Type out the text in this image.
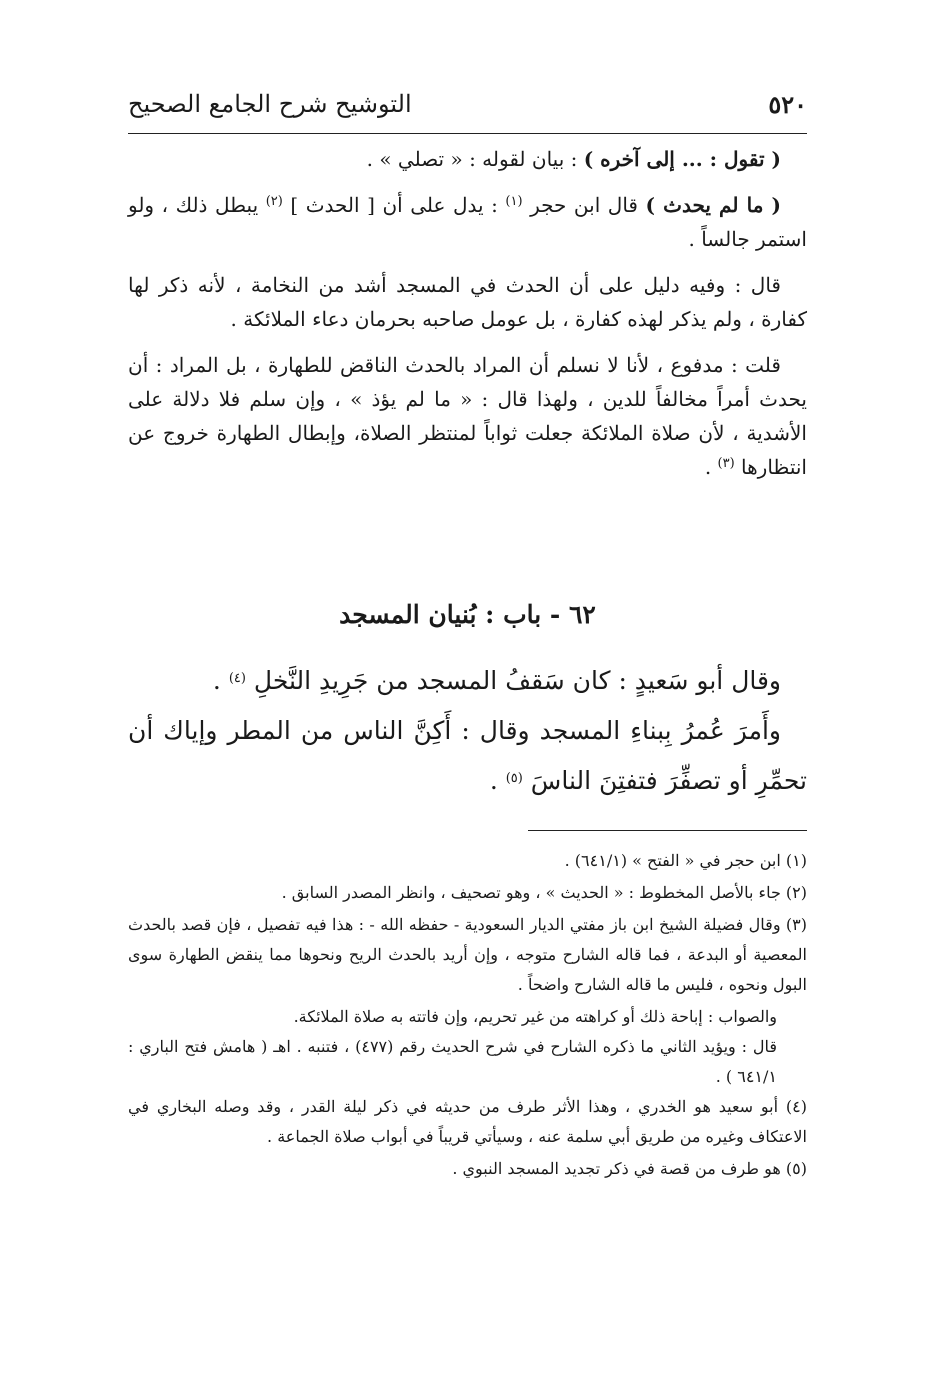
٥٢٠
التوشيح شرح الجامع الصحيح

( تقول : ... إلى آخره ) : بيان لقوله : « تصلي » .

( ما لم يحدث ) قال ابن حجر $^{(١)}$ : يدل على أن [ الحدث ] $^{(٢)}$ يبطل ذلك ، ولو استمر جالساً .

قال : وفيه دليل على أن الحدث في المسجد أشد من النخامة ، لأنه ذكر لها كفارة ، ولم يذكر لهذه كفارة ، بل عومل صاحبه بحرمان دعاء الملائكة .

قلت : مدفوع ، لأنا لا نسلم أن المراد بالحدث الناقض للطهارة ، بل المراد : أن يحدث أمراً مخالفاً للدين ، ولهذا قال : « ما لم يؤذ » ، وإن سلم فلا دلالة على الأشدية ، لأن صلاة الملائكة جعلت ثواباً لمنتظر الصلاة، وإبطال الطهارة خروج عن انتظارها $^{(٣)}$ .

٦٢ - باب : بُنيان المسجد
وقال أبو سَعيدٍ : كان سَقفُ المسجد من جَرِيدِ النَّخلِ $^{(٤)}$ .
وأَمرَ عُمرُ بِبناءِ المسجد وقال : أَكِنَّ الناس من المطر وإياك أن تحمِّرِ أو تصفِّرَ فتفتِنَ الناسَ $^{(٥)}$ .

(١) ابن حجر في « الفتح » (٦٤١/١) .

(٢) جاء بالأصل المخطوط : « الحديث » ، وهو تصحيف ، وانظر المصدر السابق .

(٣) وقال فضيلة الشيخ ابن باز مفتي الديار السعودية - حفظه الله - : هذا فيه تفصيل ، فإن قصد بالحدث المعصية أو البدعة ، فما قاله الشارح متوجه ، وإن أريد بالحدث الريح ونحوها مما ينقض الطهارة سوى البول ونحوه ، فليس ما قاله الشارح واضحاً .

والصواب : إباحة ذلك أو كراهته من غير تحريم، وإن فاتته به صلاة الملائكة.

قال : ويؤيد الثاني ما ذكره الشارح في شرح الحديث رقم (٤٧٧) ، فتنبه . اهـ ( هامش فتح الباري : ٦٤١/١ ) .

(٤) أبو سعيد هو الخدري ، وهذا الأثر طرف من حديثه في ذكر ليلة القدر ، وقد وصله البخاري في الاعتكاف وغيره من طريق أبي سلمة عنه ، وسيأتي قريباً في أبواب صلاة الجماعة .

(٥) هو طرف من قصة في ذكر تجديد المسجد النبوي .
